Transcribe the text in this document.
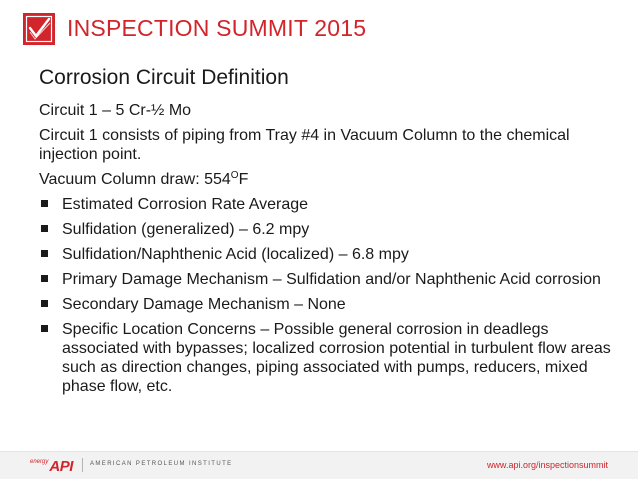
INSPECTION SUMMIT 2015
Corrosion Circuit Definition

Circuit 1 – 5 Cr-½ Mo

Circuit 1 consists of piping from Tray #4 in Vacuum Column to the chemical injection point.

Vacuum Column draw: $554^OF$

Estimated Corrosion Rate Average
Sulfidation (generalized) – 6.2 mpy
Sulfidation/Naphthenic Acid (localized) – 6.8 mpy
Primary Damage Mechanism – Sulfidation and/or Naphthenic Acid corrosion
Secondary Damage Mechanism – None
Specific Location Concerns – Possible general corrosion in deadlegs associated with bypasses; localized corrosion potential in turbulent flow areas such as direction changes, piping associated with pumps, reducers, mixed phase flow, etc.
energy API	AMERICAN PETROLEUM INSTITUTE	www.api.org/inspectionsummit
